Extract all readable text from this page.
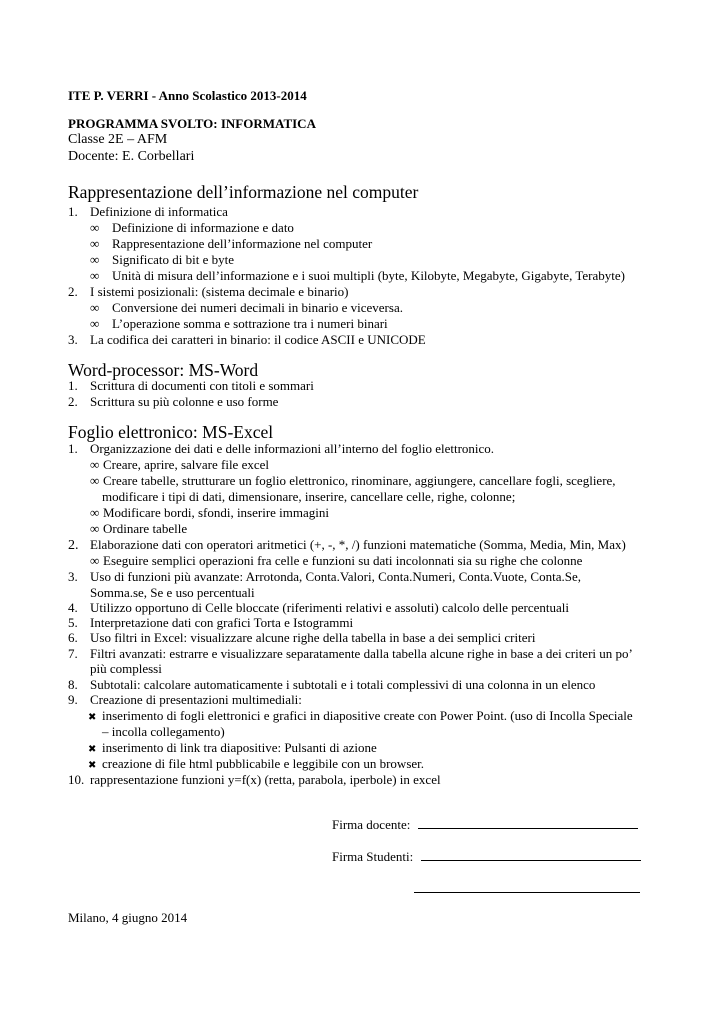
ITE P. VERRI - Anno Scolastico 2013-2014
PROGRAMMA SVOLTO: INFORMATICA
Classe 2E – AFM
Docente: E. Corbellari
Rappresentazione dell’informazione nel computer
1. Definizione di informatica
∞ Definizione di informazione e dato
∞ Rappresentazione dell’informazione nel computer
∞ Significato di bit e byte
∞ Unità di misura dell’informazione e i suoi multipli (byte, Kilobyte, Megabyte, Gigabyte, Terabyte)
2. I sistemi posizionali: (sistema decimale e binario)
∞ Conversione dei numeri decimali in binario e viceversa.
∞ L’operazione somma e sottrazione tra i numeri binari
3. La codifica dei caratteri in binario: il codice ASCII e UNICODE
Word-processor: MS-Word
1. Scrittura di documenti con titoli e sommari
2. Scrittura su più colonne e uso forme
Foglio elettronico: MS-Excel
1. Organizzazione dei dati e delle informazioni all’interno del foglio elettronico.
∞ Creare, aprire, salvare file excel
∞ Creare tabelle, strutturare un foglio elettronico, rinominare, aggiungere, cancellare fogli, scegliere,
modificare i tipi di dati, dimensionare, inserire, cancellare celle, righe, colonne;
∞ Modificare bordi, sfondi, inserire immagini
∞ Ordinare tabelle
2. Elaborazione dati con operatori aritmetici (+, -, *, /) funzioni matematiche (Somma, Media, Min, Max)
∞ Eseguire semplici operazioni fra celle e funzioni su dati incolonnati sia su righe che colonne
3. Uso di funzioni più avanzate: Arrotonda, Conta.Valori, Conta.Numeri, Conta.Vuote, Conta.Se,
Somma.se, Se e uso percentuali
4. Utilizzo opportuno di Celle bloccate (riferimenti relativi e assoluti) calcolo delle percentuali
5. Interpretazione dati con grafici Torta e Istogrammi
6. Uso filtri in Excel: visualizzare alcune righe della tabella in base a dei semplici criteri
7. Filtri avanzati: estrarre e visualizzare separatamente dalla tabella alcune righe in base a dei criteri un po’
più complessi
8. Subtotali: calcolare automaticamente i subtotali e i totali complessivi di una colonna in un elenco
9. Creazione di presentazioni multimediali:
✖ inserimento di fogli elettronici e grafici in diapositive create con Power Point. (uso di Incolla Speciale
– incolla collegamento)
✖ inserimento di link tra diapositive: Pulsanti di azione
✖ creazione di file html pubblicabile e leggibile con un browser.
10. rappresentazione funzioni y=f(x) (retta, parabola, iperbole) in excel
Firma docente:
Firma Studenti:
Milano, 4 giugno 2014
